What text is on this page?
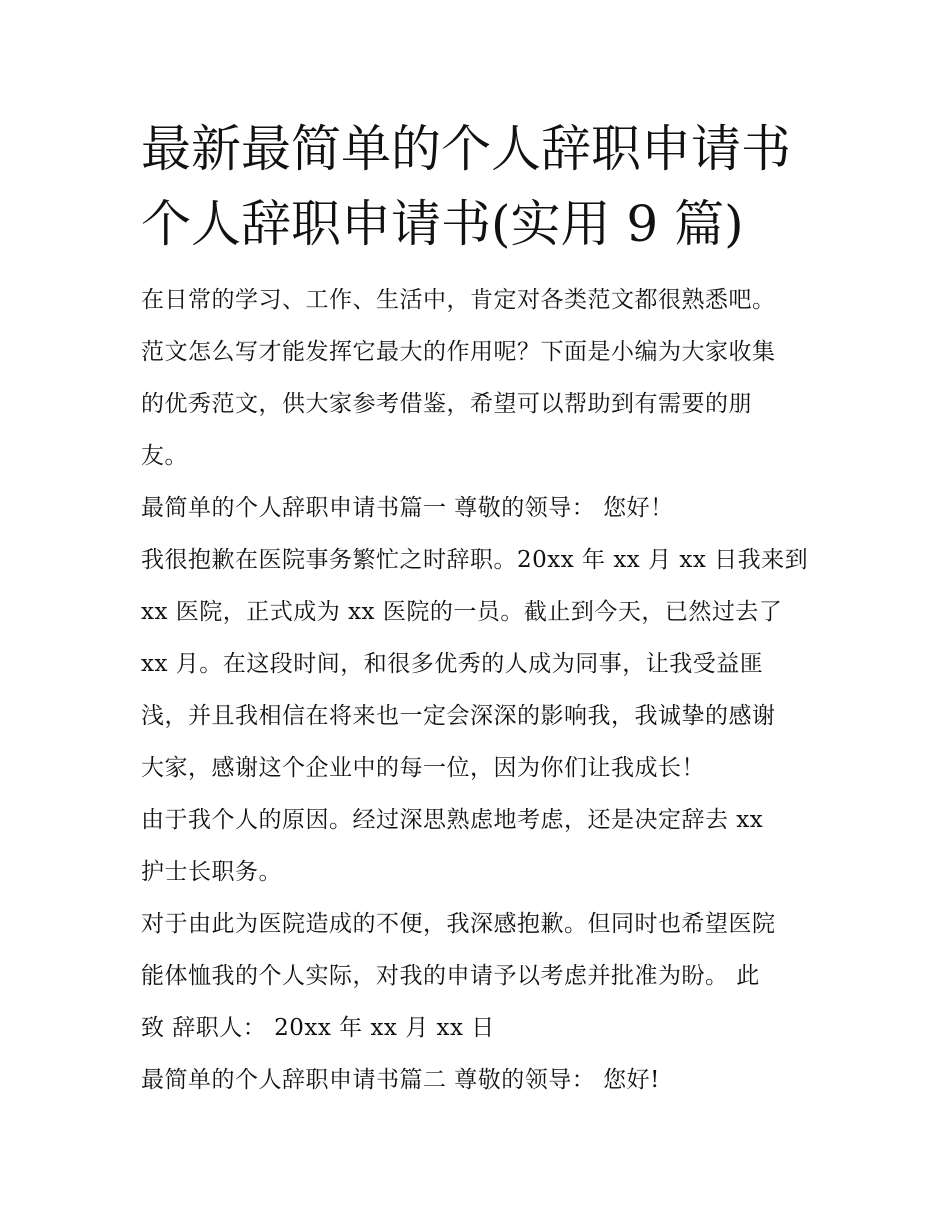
最新最简单的个人辞职申请书
个人辞职申请书(实用 9 篇)

在日常的学习、工作、生活中，肯定对各类范文都很熟悉吧。
范文怎么写才能发挥它最大的作用呢？下面是小编为大家收集
的优秀范文，供大家参考借鉴，希望可以帮助到有需要的朋
友。

最简单的个人辞职申请书篇一 尊敬的领导： 您好！

我很抱歉在医院事务繁忙之时辞职。20xx 年 xx 月 xx 日我来到
xx 医院，正式成为 xx 医院的一员。截止到今天，已然过去了
xx 月。在这段时间，和很多优秀的人成为同事，让我受益匪
浅，并且我相信在将来也一定会深深的影响我，我诚挚的感谢
大家，感谢这个企业中的每一位，因为你们让我成长！

由于我个人的原因。经过深思熟虑地考虑，还是决定辞去 xx
护士长职务。

对于由此为医院造成的不便，我深感抱歉。但同时也希望医院
能体恤我的个人实际，对我的申请予以考虑并批准为盼。 此
致 辞职人： 20xx 年 xx 月 xx 日

最简单的个人辞职申请书篇二 尊敬的领导： 您好!
